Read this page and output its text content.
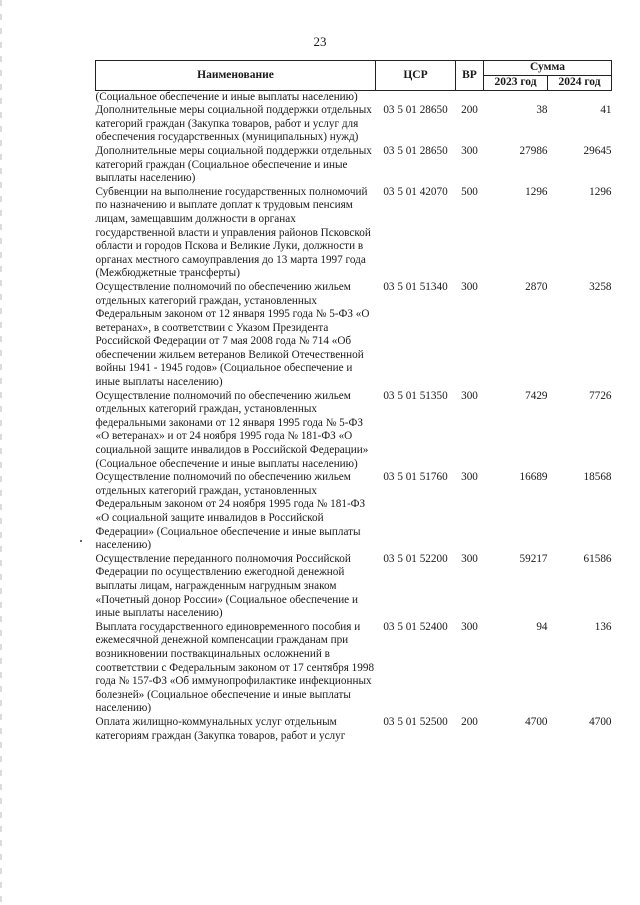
23
Наименование	ЦСР	ВР	Сумма	
			2023 год	2024 год
(Социальное обеспечение и иные выплаты населению)				
Дополнительные меры социальной поддержки отдельных категорий граждан (Закупка товаров, работ и услуг для обеспечения государственных (муниципальных) нужд)	03 5 01 28650	200	38	41
Дополнительные меры социальной поддержки отдельных категорий граждан (Социальное обеспечение и иные выплаты населению)	03 5 01 28650	300	27986	29645
Субвенции на выполнение государственных полномочий по назначению и выплате доплат к трудовым пенсиям лицам, замещавшим должности в органах государственной власти и управления районов Псковской области и городов Пскова и Великие Луки, должности в органах местного самоуправления до 13 марта 1997 года (Межбюджетные трансферты)	03 5 01 42070	500	1296	1296
Осуществление полномочий по обеспечению жильем отдельных категорий граждан, установленных Федеральным законом от 12 января 1995 года № 5-ФЗ «О ветеранах», в соответствии с Указом Президента Российской Федерации от 7 мая 2008 года № 714 «Об обеспечении жильем ветеранов Великой Отечественной войны 1941 - 1945 годов» (Социальное обеспечение и иные выплаты населению)	03 5 01 51340	300	2870	3258
Осуществление полномочий по обеспечению жильем отдельных категорий граждан, установленных федеральными законами от 12 января 1995 года № 5-ФЗ «О ветеранах» и от 24 ноября 1995 года № 181-ФЗ «О социальной защите инвалидов в Российской Федерации» (Социальное обеспечение и иные выплаты населению)	03 5 01 51350	300	7429	7726
Осуществление полномочий по обеспечению жильем отдельных категорий граждан, установленных Федеральным законом от 24 ноября 1995 года № 181-ФЗ «О социальной защите инвалидов в Российской Федерации» (Социальное обеспечение и иные выплаты населению)	03 5 01 51760	300	16689	18568
Осуществление переданного полномочия Российской Федерации по осуществлению ежегодной денежной выплаты лицам, награжденным нагрудным знаком «Почетный донор России» (Социальное обеспечение и иные выплаты населению)	03 5 01 52200	300	59217	61586
Выплата государственного единовременного пособия и ежемесячной денежной компенсации гражданам при возникновении поствакцинальных осложнений в соответствии с Федеральным законом от 17 сентября 1998 года № 157-ФЗ «Об иммунопрофилактике инфекционных болезней» (Социальное обеспечение и иные выплаты населению)	03 5 01 52400	300	94	136
Оплата жилищно-коммунальных услуг отдельным категориям граждан (Закупка товаров, работ и услуг	03 5 01 52500	200	4700	4700
